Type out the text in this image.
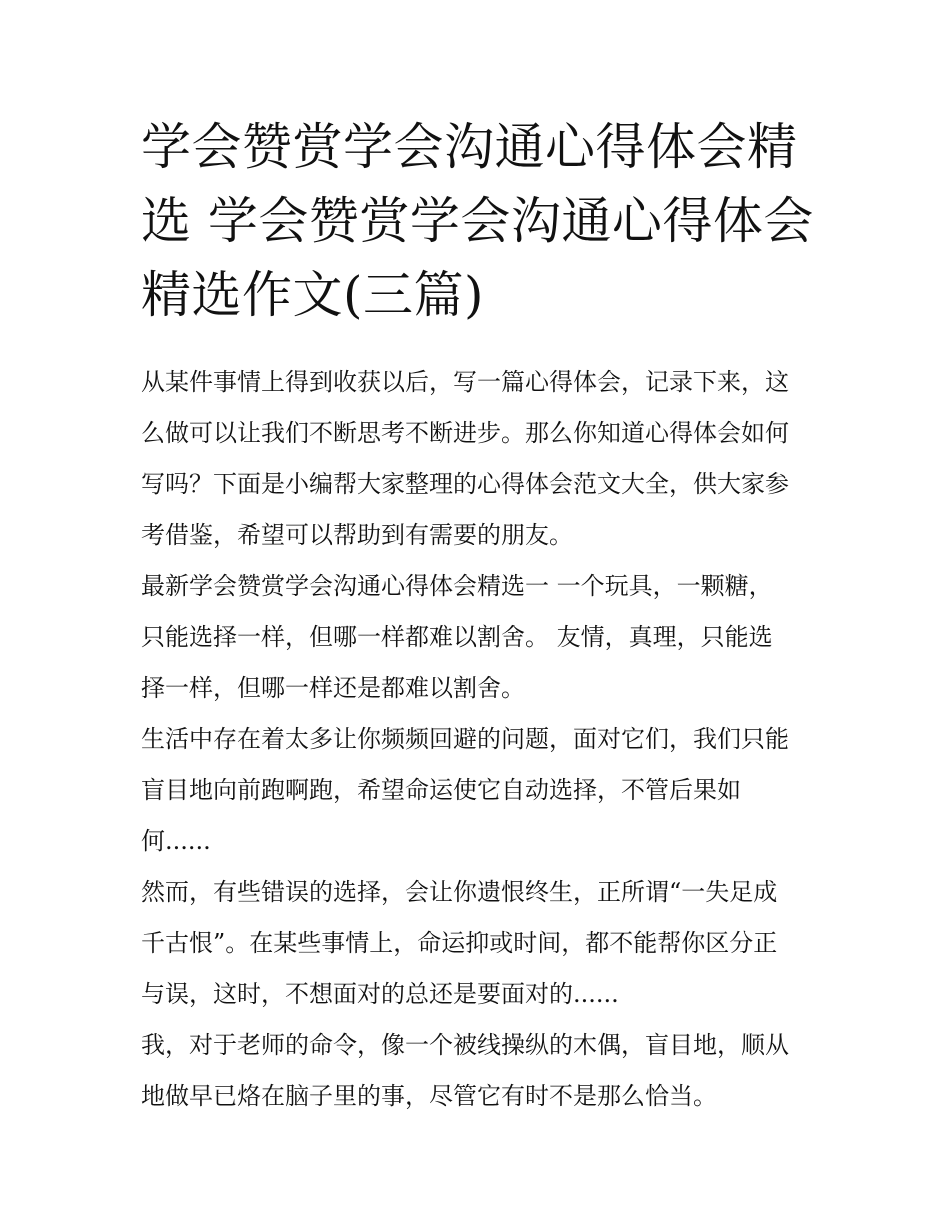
学会赞赏学会沟通心得体会精
选 学会赞赏学会沟通心得体会
精选作文(三篇)

从某件事情上得到收获以后，写一篇心得体会，记录下来，这
么做可以让我们不断思考不断进步。那么你知道心得体会如何
写吗？下面是小编帮大家整理的心得体会范文大全，供大家参
考借鉴，希望可以帮助到有需要的朋友。

最新学会赞赏学会沟通心得体会精选一 一个玩具，一颗糖，
只能选择一样，但哪一样都难以割舍。 友情，真理，只能选
择一样，但哪一样还是都难以割舍。

生活中存在着太多让你频频回避的问题，面对它们，我们只能
盲目地向前跑啊跑，希望命运使它自动选择，不管后果如
何......

然而，有些错误的选择，会让你遗恨终生，正所谓“一失足成
千古恨”。在某些事情上，命运抑或时间，都不能帮你区分正
与误，这时，不想面对的总还是要面对的......

我，对于老师的命令，像一个被线操纵的木偶，盲目地，顺从
地做早已烙在脑子里的事，尽管它有时不是那么恰当。
